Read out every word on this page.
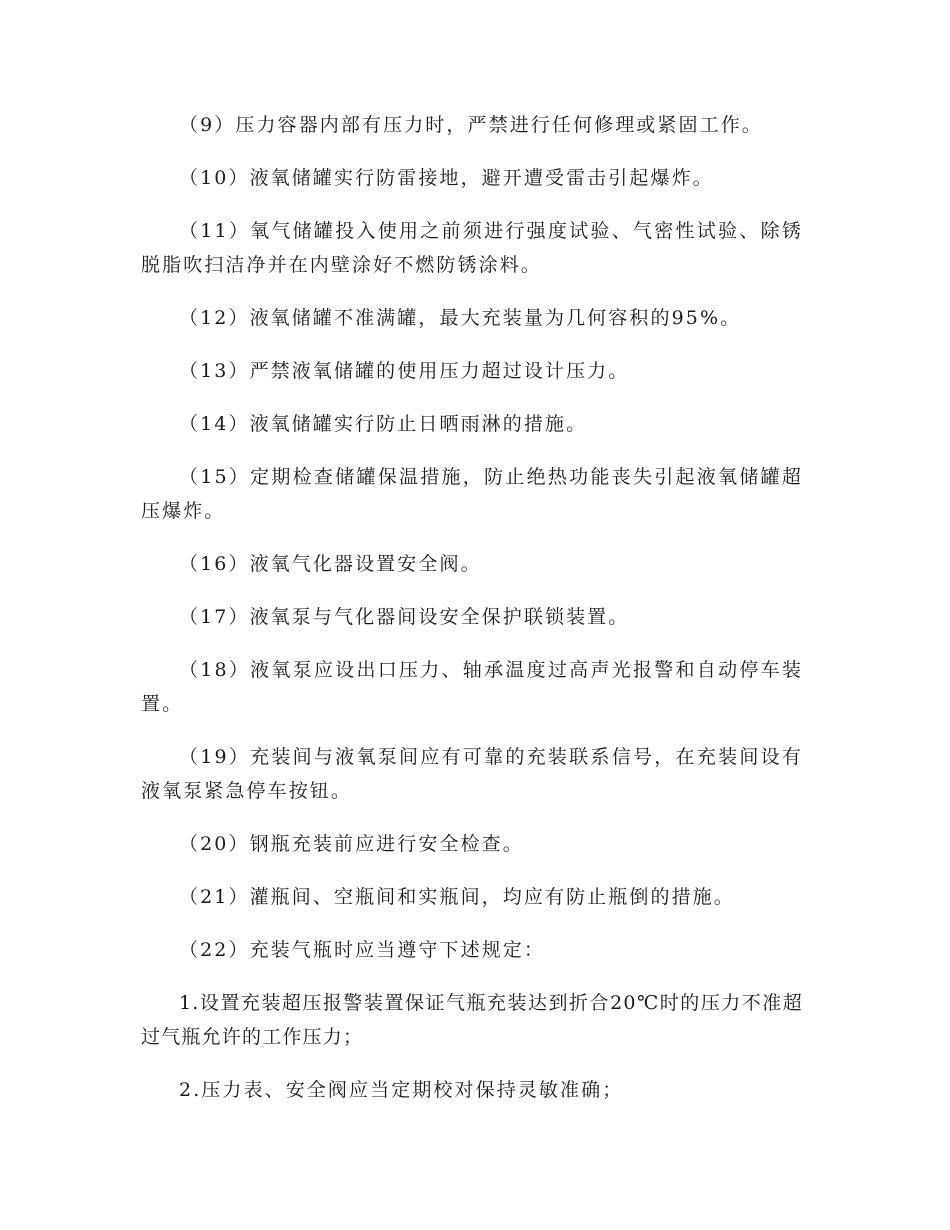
（9）压力容器内部有压力时，严禁进行任何修理或紧固工作。

（10）液氧储罐实行防雷接地，避开遭受雷击引起爆炸。

（11）氧气储罐投入使用之前须进行强度试验、气密性试验、除锈脱脂吹扫洁净并在内壁涂好不燃防锈涂料。

（12）液氧储罐不准满罐，最大充装量为几何容积的95%。

（13）严禁液氧储罐的使用压力超过设计压力。

（14）液氧储罐实行防止日晒雨淋的措施。

（15）定期检查储罐保温措施，防止绝热功能丧失引起液氧储罐超压爆炸。

（16）液氧气化器设置安全阀。

（17）液氧泵与气化器间设安全保护联锁装置。

（18）液氧泵应设出口压力、轴承温度过高声光报警和自动停车装置。

（19）充装间与液氧泵间应有可靠的充装联系信号，在充装间设有液氧泵紧急停车按钮。

（20）钢瓶充装前应进行安全检查。

（21）灌瓶间、空瓶间和实瓶间，均应有防止瓶倒的措施。

（22）充装气瓶时应当遵守下述规定：

1.设置充装超压报警装置保证气瓶充装达到折合20℃时的压力不准超过气瓶允许的工作压力；

2.压力表、安全阀应当定期校对保持灵敏准确；
